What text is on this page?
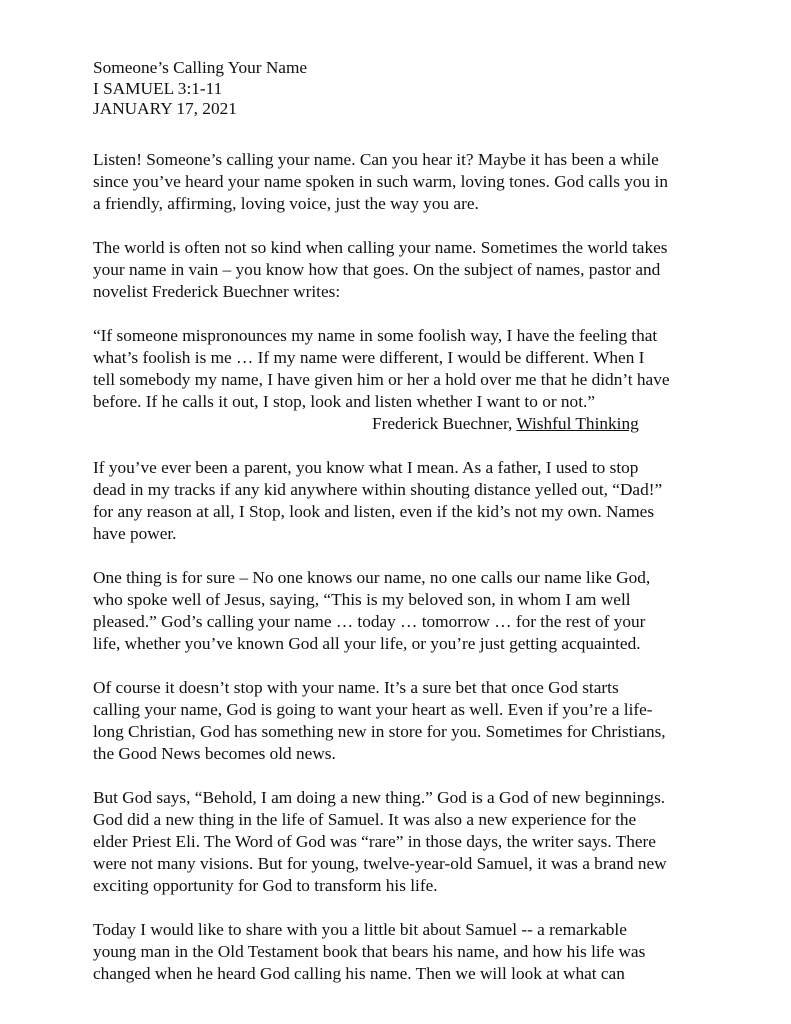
Someone’s Calling Your Name
I SAMUEL 3:1-11
JANUARY 17, 2021
Listen! Someone’s calling your name. Can you hear it? Maybe it has been a while
since you’ve heard your name spoken in such warm, loving tones. God calls you in
a friendly, affirming, loving voice, just the way you are.
The world is often not so kind when calling your name. Sometimes the world takes
your name in vain – you know how that goes. On the subject of names, pastor and
novelist Frederick Buechner writes:
“If someone mispronounces my name in some foolish way, I have the feeling that
what’s foolish is me … If my name were different, I would be different. When I
tell somebody my name, I have given him or her a hold over me that he didn’t have
before. If he calls it out, I stop, look and listen whether I want to or not.”
Frederick Buechner, Wishful Thinking
If you’ve ever been a parent, you know what I mean. As a father, I used to stop
dead in my tracks if any kid anywhere within shouting distance yelled out, “Dad!”
for any reason at all, I Stop, look and listen, even if the kid’s not my own. Names
have power.
One thing is for sure – No one knows our name, no one calls our name like God,
who spoke well of Jesus, saying, “This is my beloved son, in whom I am well
pleased.” God’s calling your name … today … tomorrow … for the rest of your
life, whether you’ve known God all your life, or you’re just getting acquainted.
Of course it doesn’t stop with your name. It’s a sure bet that once God starts
calling your name, God is going to want your heart as well. Even if you’re a life-
long Christian, God has something new in store for you. Sometimes for Christians,
the Good News becomes old news.
But God says, “Behold, I am doing a new thing.” God is a God of new beginnings.
God did a new thing in the life of Samuel. It was also a new experience for the
elder Priest Eli. The Word of God was “rare” in those days, the writer says. There
were not many visions. But for young, twelve-year-old Samuel, it was a brand new
exciting opportunity for God to transform his life.
Today I would like to share with you a little bit about Samuel -- a remarkable
young man in the Old Testament book that bears his name, and how his life was
changed when he heard God calling his name. Then we will look at what can
